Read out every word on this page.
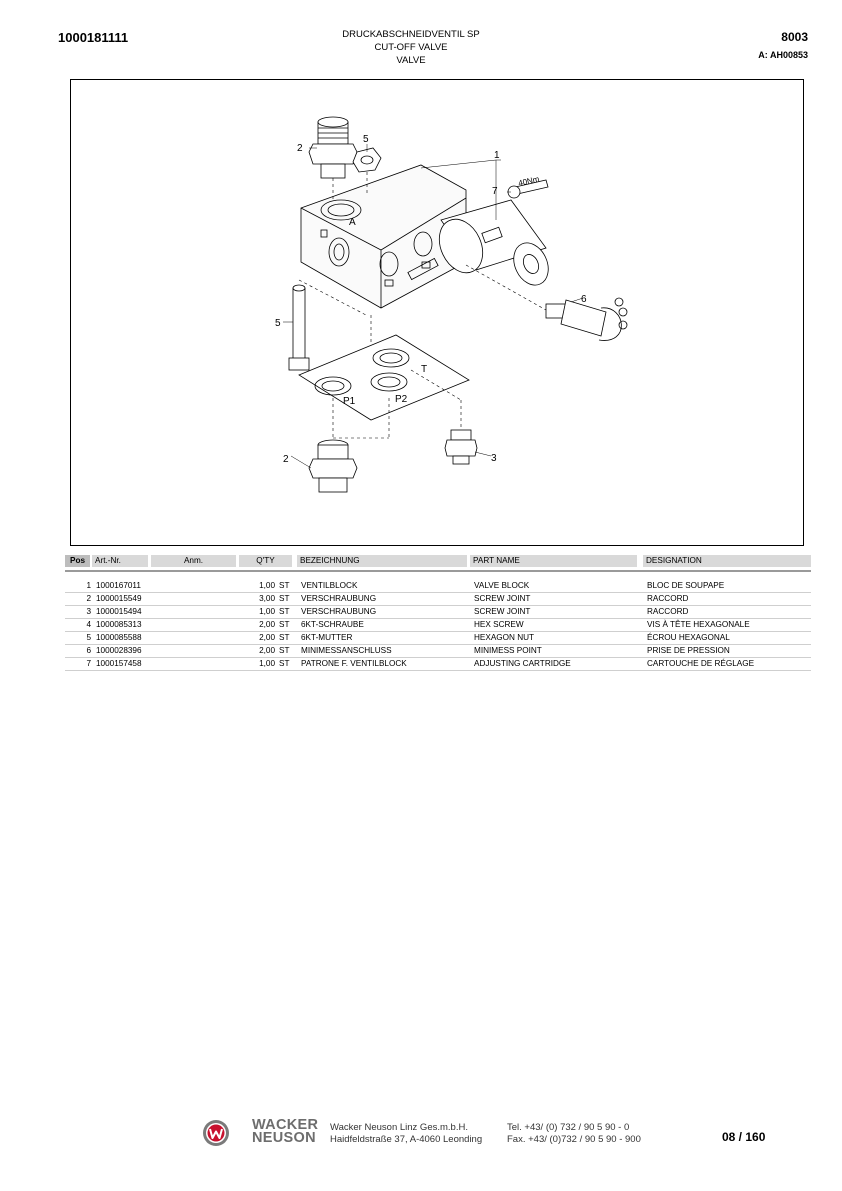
1000181111	DRUCKABSCHNEIDVENTIL SP
CUT-OFF VALVE
VALVE
8003
A: AH00853
2
5
1
7
40Nm
A
5
6
T
P1	P2
2	3
Pos	Art.-Nr.	Anm.	Q'TY	BEZEICHNUNG	PART NAME	DESIGNATION
1 1000167011	1,00 ST VENTILBLOCK	VALVE BLOCK	BLOC DE SOUPAPE
2 1000015549	3,00 ST VERSCHRAUBUNG	SCREW JOINT	RACCORD
3 1000015494	1,00 ST VERSCHRAUBUNG	SCREW JOINT	RACCORD
4 1000085313	2,00 ST 6KT-SCHRAUBE	HEX SCREW	VIS À TÊTE HEXAGONALE
5 1000085588	2,00 ST 6KT-MUTTER	HEXAGON NUT	ÉCROU HEXAGONAL
6 1000028396	2,00 ST MINIMESSANSCHLUSS	MINIMESS POINT	PRISE DE PRESSION
7 1000157458	1,00 ST PATRONE F. VENTILBLOCK	ADJUSTING CARTRIDGE	CARTOUCHE DE RÉGLAGE
WACKER
NEUSON
Wacker Neuson Linz Ges.m.b.H.
Haidfeldstraße 37, A-4060 Leonding
Tel. +43/ (0) 732 / 90 5 90 - 0
Fax. +43/ (0)732 / 90 5 90 - 900	08 / 160
